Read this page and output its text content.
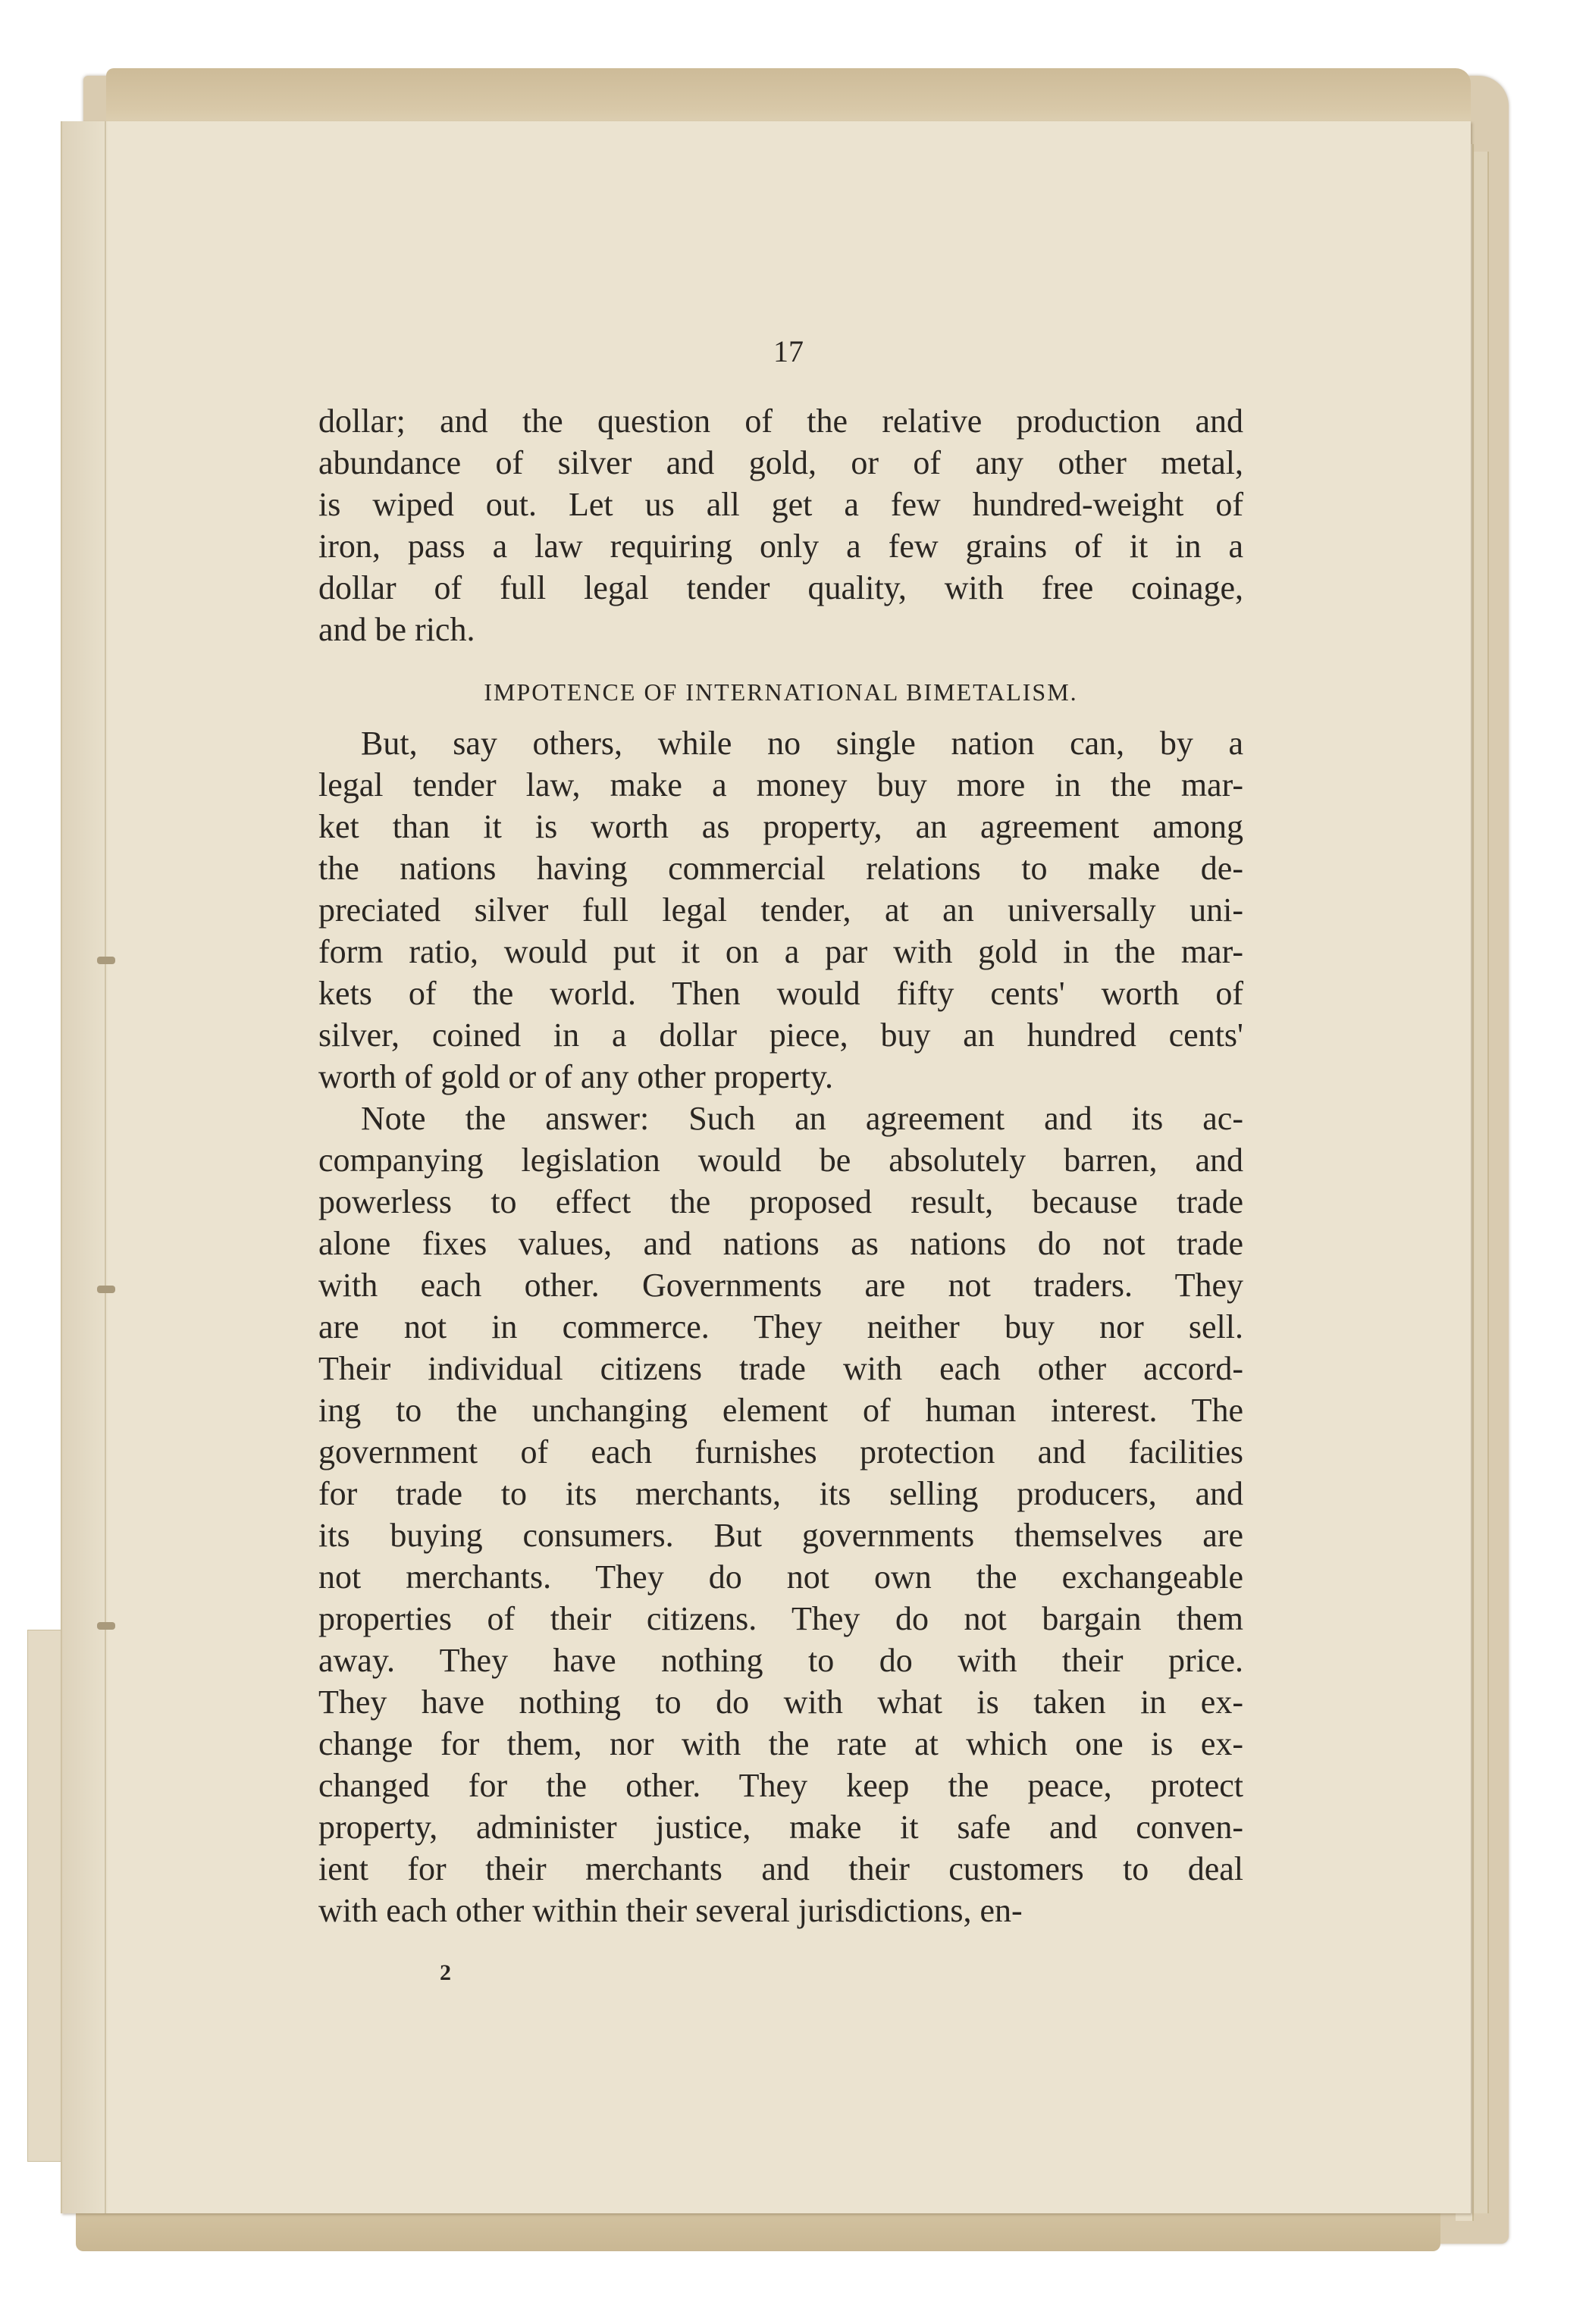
17
dollar; and the question of the relative production and
abundance of silver and gold, or of any other metal,
is wiped out. Let us all get a few hundred-weight of
iron, pass a law requiring only a few grains of it in a
dollar of full legal tender quality, with free coinage,
and be rich.

IMPOTENCE OF INTERNATIONAL BIMETALISM.

But, say others, while no single nation can, by a
legal tender law, make a money buy more in the mar-
ket than it is worth as property, an agreement among
the nations having commercial relations to make de-
preciated silver full legal tender, at an universally uni-
form ratio, would put it on a par with gold in the mar-
kets of the world. Then would fifty cents' worth of
silver, coined in a dollar piece, buy an hundred cents'
worth of gold or of any other property.
Note the answer: Such an agreement and its ac-
companying legislation would be absolutely barren, and
powerless to effect the proposed result, because trade
alone fixes values, and nations as nations do not trade
with each other. Governments are not traders. They
are not in commerce. They neither buy nor sell.
Their individual citizens trade with each other accord-
ing to the unchanging element of human interest. The
government of each furnishes protection and facilities
for trade to its merchants, its selling producers, and
its buying consumers. But governments themselves are
not merchants. They do not own the exchangeable
properties of their citizens. They do not bargain them
away. They have nothing to do with their price.
They have nothing to do with what is taken in ex-
change for them, nor with the rate at which one is ex-
changed for the other. They keep the peace, protect
property, administer justice, make it safe and conven-
ient for their merchants and their customers to deal
with each other within their several jurisdictions, en-
2
